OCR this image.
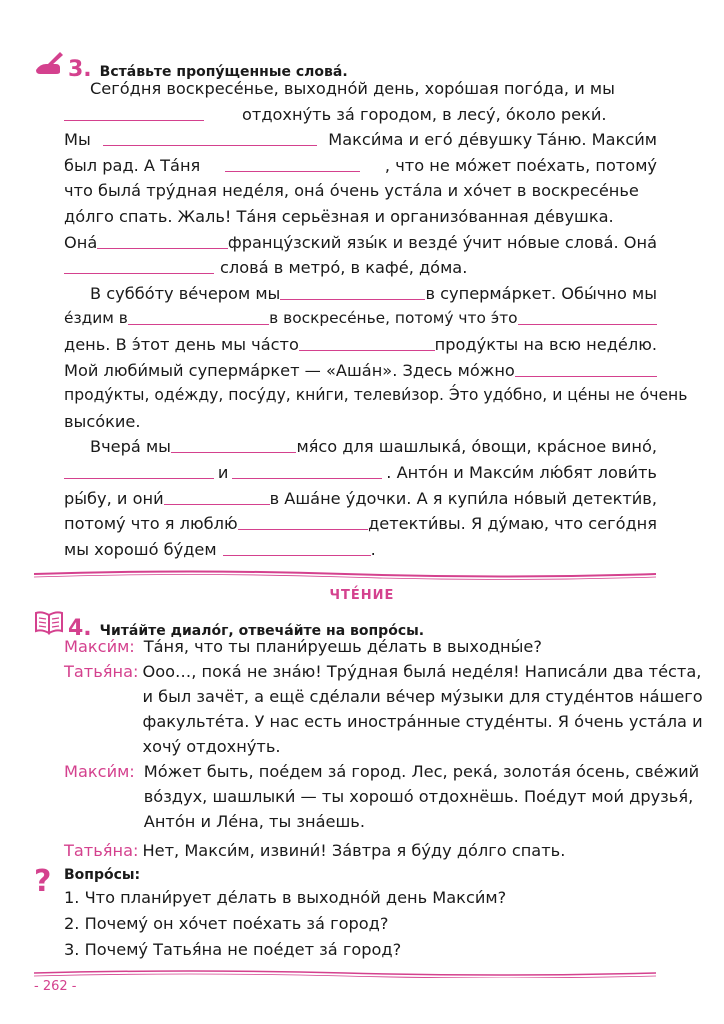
3. Вста́вьте пропу́щенные слова́.
Сего́дня воскресе́нье, выходно́й день, хоро́шая пого́да, и мы
отдохну́ть за́ городом, в лесу́, о́коло реки́.
Мы	Макси́ма и его́ де́вушку Та́ню. Макси́м
был рад. А Та́ня	, что не мо́жет пое́хать, потому́
что была́ тру́дная неде́ля, она́ о́чень уста́ла и хо́чет в воскресе́нье
до́лго спать. Жаль! Та́ня серьёзная и организо́ванная де́вушка.
Она́	францу́зский язы́к и везде́ у́чит но́вые слова́. Она́
слова́ в метро́, в кафе́, до́ма.
В суббо́ту ве́чером мы	в суперма́ркет. Обы́чно мы
е́здим в	в воскресе́нье, потому́ что э́то
день. В э́тот день мы ча́сто	проду́кты на всю неде́лю.
Мой люби́мый суперма́ркет — «Аша́н». Здесь мо́жно
проду́кты, оде́жду, посу́ду, кни́ги, телеви́зор. Э́то удо́бно, и це́ны не о́чень
высо́кие.
Вчера́ мы	мя́со для шашлыка́, о́вощи, кра́сное вино́,
и	. Анто́н и Макси́м лю́бят лови́ть
ры́бу, и они́	в Аша́не у́дочки. А я купи́ла но́вый детекти́в,
потому́ что я люблю́	детекти́вы. Я ду́маю, что сего́дня
мы хорошо́ бу́дем	.
ЧТЕ́НИЕ
4. Чита́йте диало́г, отвеча́йте на вопро́сы.
Макси́м: Та́ня, что ты плани́руешь де́лать в выходны́е?
Татья́на: Ооо…, пока́ не зна́ю! Тру́дная была́ неде́ля! Написа́ли два те́ста,
и был зачёт, а ещё сде́лали ве́чер му́зыки для студе́нтов на́шего
факульте́та. У нас есть иностра́нные студе́нты. Я о́чень уста́ла и
хочу́ отдохну́ть.
Макси́м: Мо́жет быть, пое́дем за́ город. Лес, река́, золота́я о́сень, све́жий
во́здух, шашлыки́ — ты хорошо́ отдохнёшь. Пое́дут мои́ друзья́,
Анто́н и Ле́на, ты зна́ешь.
Татья́на: Нет, Макси́м, извини́! За́втра я бу́ду до́лго спать.
? Вопро́сы:
1. Что плани́рует де́лать в выходно́й день Макси́м?
2. Почему́ он хо́чет пое́хать за́ город?
3. Почему́ Татья́на не пое́дет за́ город?
- 262 -
